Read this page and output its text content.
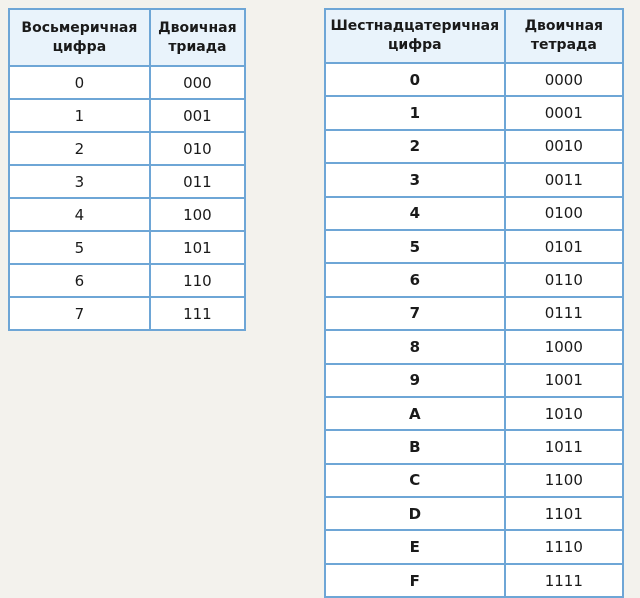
Восьмеричная цифра	Двоичная триада
0	000
1	001
2	010
3	011
4	100
5	101
6	110
7	111
Шестнадцатеричная цифра	Двоичная тетрада
0	0000
1	0001
2	0010
3	0011
4	0100
5	0101
6	0110
7	0111
8	1000
9	1001
A	1010
B	1011
C	1100
D	1101
E	1110
F	1111
